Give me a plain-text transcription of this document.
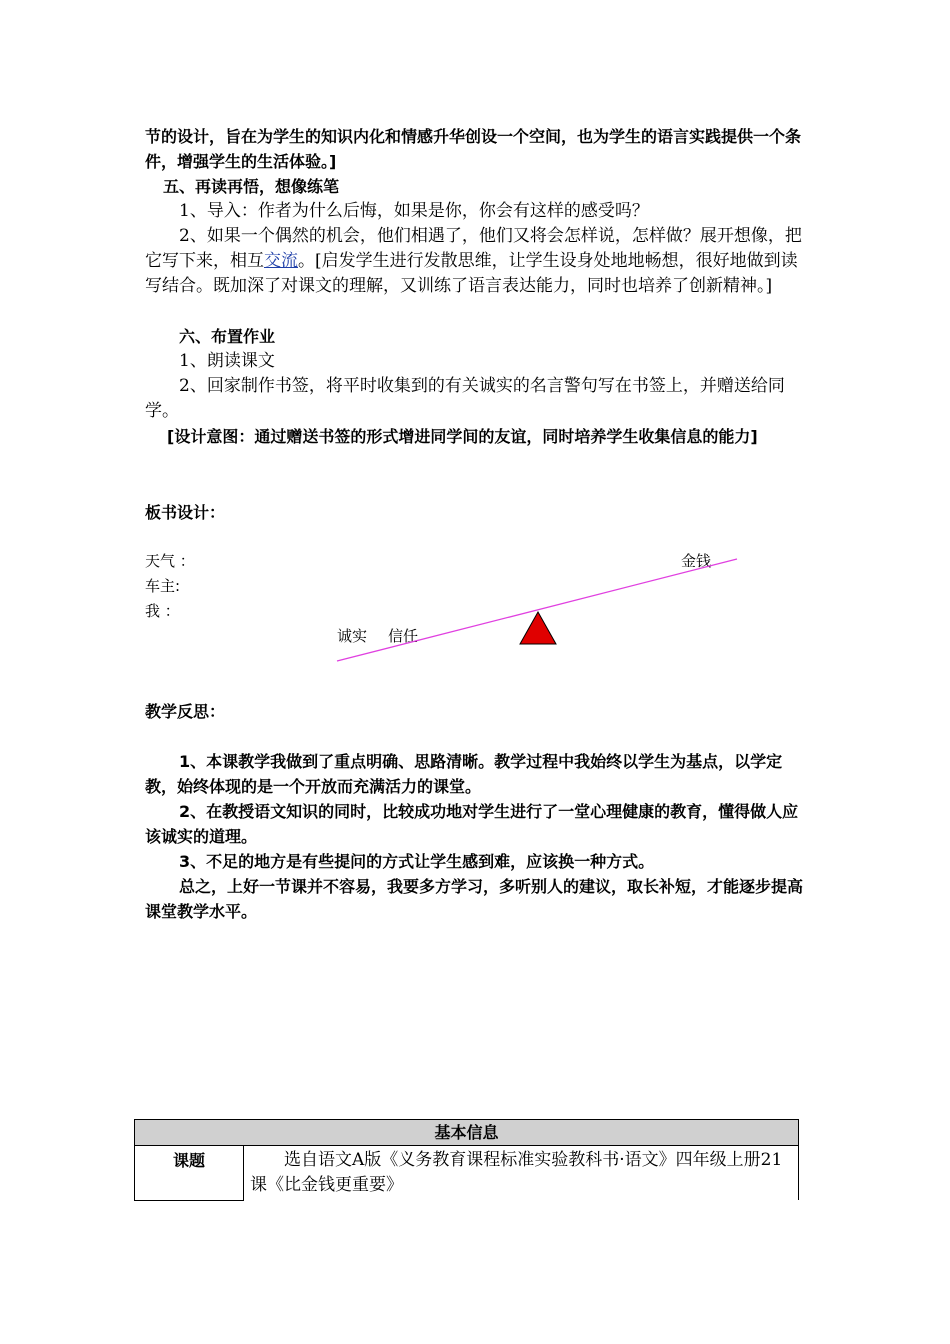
节的设计，旨在为学生的知识内化和情感升华创设一个空间，也为学生的语言实践提供一个条件，增强学生的生活体验。]

五、再读再悟，想像练笔

1、导入：作者为什么后悔，如果是你，你会有这样的感受吗？

2、如果一个偶然的机会，他们相遇了，他们又将会怎样说，怎样做？展开想像，把它写下来，相互交流。[启发学生进行发散思维，让学生设身处地地畅想，很好地做到读写结合。既加深了对课文的理解，又训练了语言表达能力，同时也培养了创新精神。]

六、布置作业

1、朗读课文

2、回家制作书签，将平时收集到的有关诚实的名言警句写在书签上，并赠送给同学。

[设计意图：通过赠送书签的形式增进同学间的友谊，同时培养学生收集信息的能力]

板书设计：

天气 ：
车主:
我 ：
金钱
诚实 信任

教学反思：

1、本课教学我做到了重点明确、思路清晰。教学过程中我始终以学生为基点，以学定教，始终体现的是一个开放而充满活力的课堂。

2、在教授语文知识的同时，比较成功地对学生进行了一堂心理健康的教育，懂得做人应该诚实的道理。

3、不足的地方是有些提问的方式让学生感到难，应该换一种方式。

总之，上好一节课并不容易，我要多方学习，多听别人的建议，取长补短，才能逐步提高课堂教学水平。

基本信息
课题	选自语文A版《义务教育课程标准实验教科书·语文》四年级上册21课《比金钱更重要》
